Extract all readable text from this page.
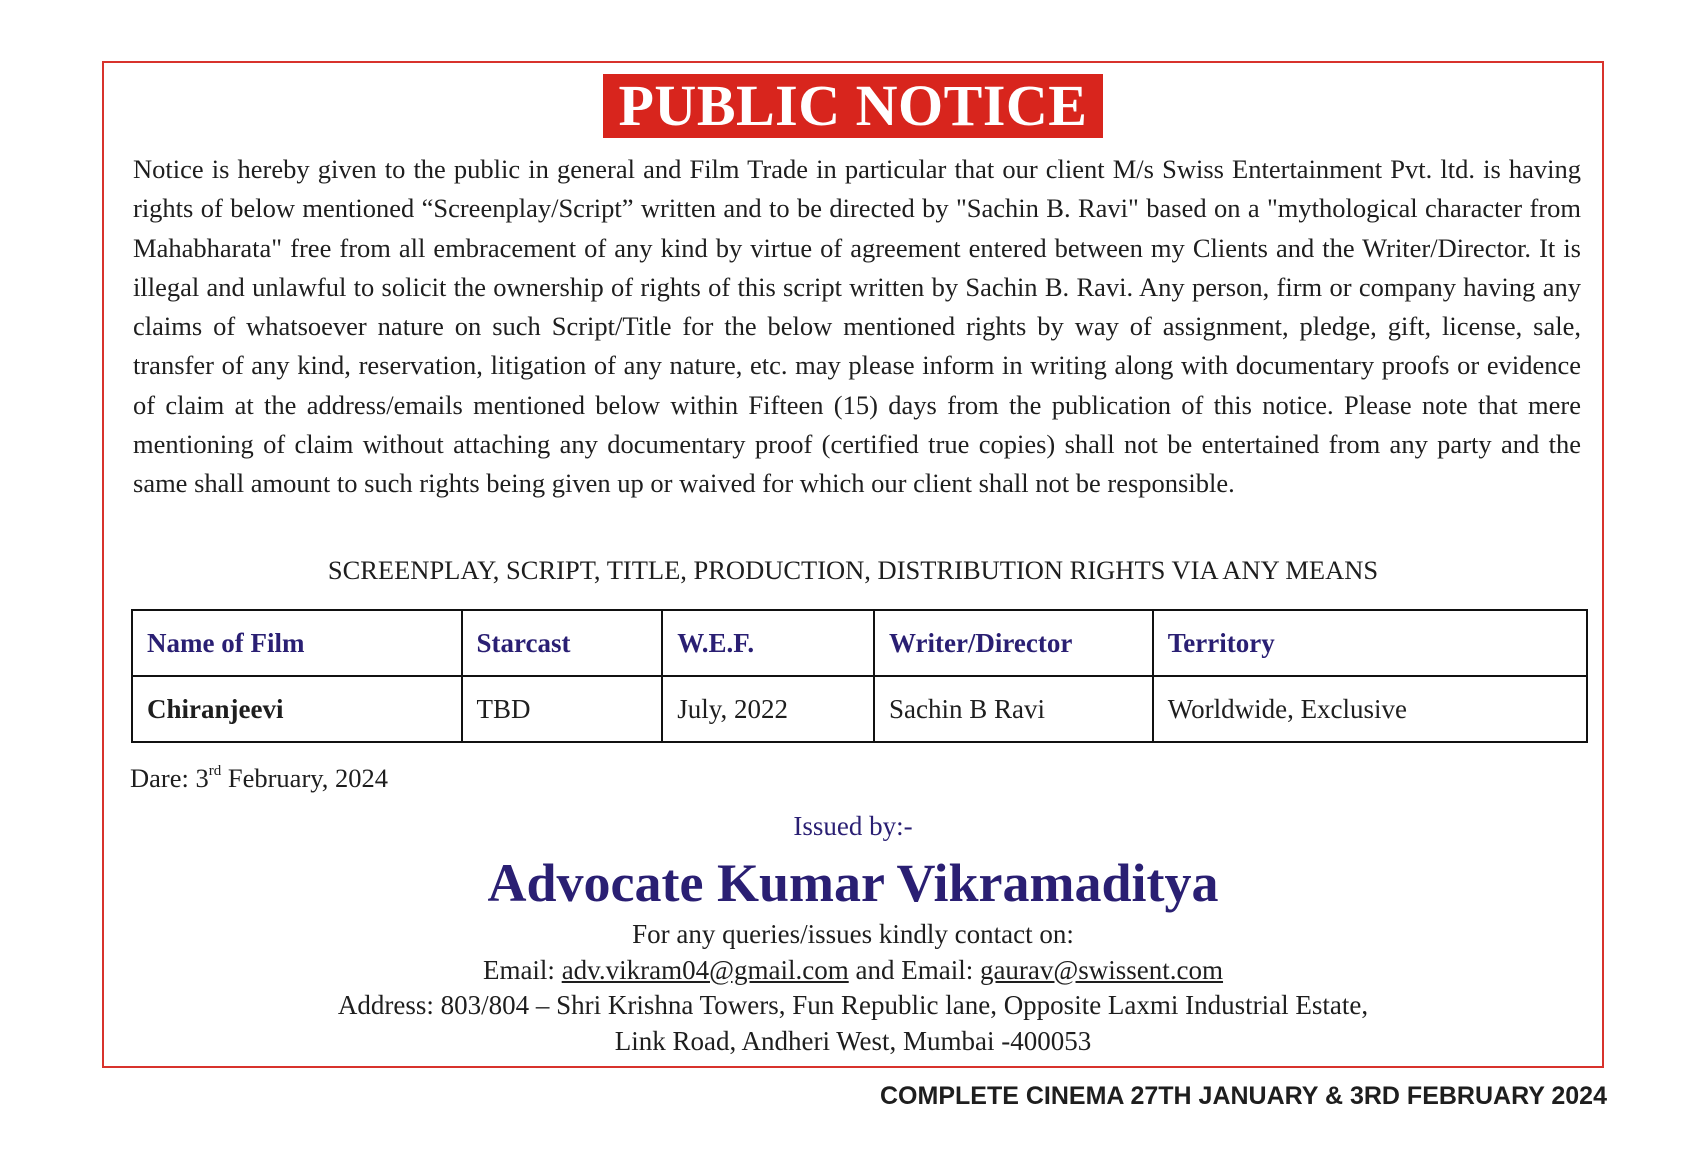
PUBLIC NOTICE

Notice is hereby given to the public in general and Film Trade in particular that our client M/s Swiss Entertainment Pvt. ltd. is having rights of below mentioned “Screenplay/Script” written and to be directed by "Sachin B. Ravi" based on a "mythological character from Mahabharata" free from all embracement of any kind by virtue of agreement entered between my Clients and the Writer/Director. It is illegal and unlawful to solicit the ownership of rights of this script written by Sachin B. Ravi. Any person, firm or company having any claims of whatsoever nature on such Script/Title for the below mentioned rights by way of assignment, pledge, gift, license, sale, transfer of any kind, reservation, litigation of any nature, etc. may please inform in writing along with documentary proofs or evidence of claim at the address/emails mentioned below within Fifteen (15) days from the publication of this notice. Please note that mere mentioning of claim without attaching any documentary proof (certified true copies) shall not be entertained from any party and the same shall amount to such rights being given up or waived for which our client shall not be responsible.

SCREENPLAY, SCRIPT, TITLE, PRODUCTION, DISTRIBUTION RIGHTS VIA ANY MEANS

Name of Film	Starcast	W.E.F.	Writer/Director	Territory
Chiranjeevi	TBD	July, 2022	Sachin B Ravi	Worldwide, Exclusive

Dare: 3rd February, 2024

Issued by:-

Advocate Kumar Vikramaditya

For any queries/issues kindly contact on:
Email: adv.vikram04@gmail.com and Email: gaurav@swissent.com
Address: 803/804 – Shri Krishna Towers, Fun Republic lane, Opposite Laxmi Industrial Estate,
Link Road, Andheri West, Mumbai -400053

COMPLETE CINEMA 27TH JANUARY & 3RD FEBRUARY 2024
